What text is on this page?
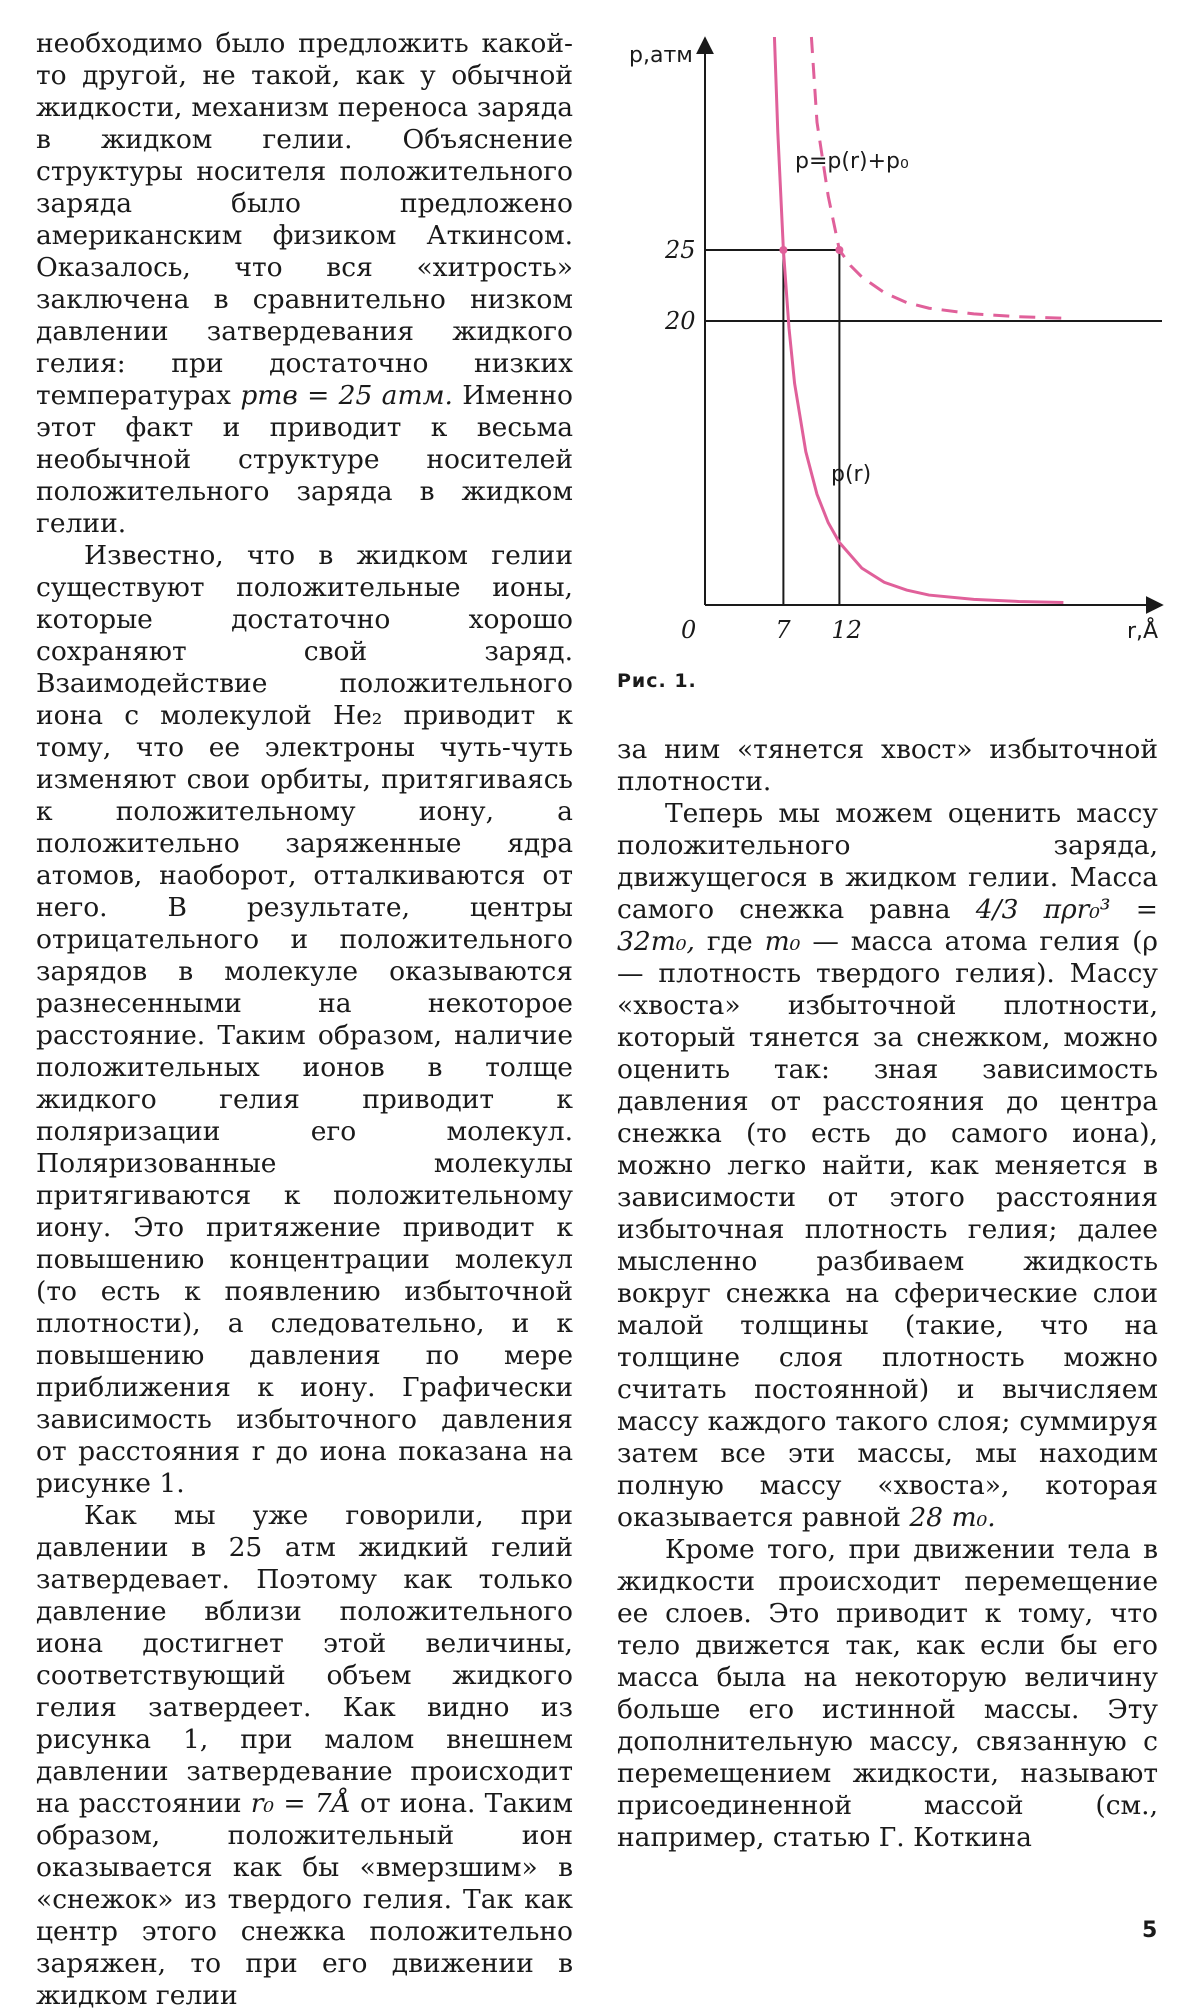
необходимо было предложить какой-то другой, не такой, как у обычной жидкости, механизм переноса заряда в жидком гелии. Объяснение структуры носителя положительного заряда было предложено американским физиком Аткинсом. Оказалось, что вся «хитрость» заключена в сравнительно низком давлении затвердевания жидкого гелия: при достаточно низких температурах pтв = 25 атм. Именно этот факт и приводит к весьма необычной структуре носителей положительного заряда в жидком гелии.

Известно, что в жидком гелии существуют положительные ионы, которые достаточно хорошо сохраняют свой заряд. Взаимодействие положительного иона с молекулой He₂ приводит к тому, что ее электроны чуть-чуть изменяют свои орбиты, притягиваясь к положительному иону, а положительно заряженные ядра атомов, наоборот, отталкиваются от него. В результате, центры отрицательного и положительного зарядов в молекуле оказываются разнесенными на некоторое расстояние. Таким образом, наличие положительных ионов в толще жидкого гелия приводит к поляризации его молекул. Поляризованные молекулы притягиваются к положительному иону. Это притяжение приводит к повышению концентрации молекул (то есть к появлению избыточной плотности), а следовательно, и к повышению давления по мере приближения к иону. Графически зависимость избыточного давления от расстояния r до иона показана на рисунке 1.

Как мы уже говорили, при давлении в 25 атм жидкий гелий затвердевает. Поэтому как только давление вблизи положительного иона достигнет этой величины, соответствующий объем жидкого гелия затвердеет. Как видно из рисунка 1, при малом внешнем давлении затвердевание происходит на расстоянии r₀ = 7Å от иона. Таким образом, положительный ион оказывается как бы «вмерзшим» в «снежок» из твердого гелия. Так как центр этого снежка положительно заряжен, то при его движении в жидком гелии

p,атм
r,Å
0
20
25
7 12
p=p(r)+p₀
p(r)
Рис. 1.

за ним «тянется хвост» избыточной плотности.

Теперь мы можем оценить массу положительного заряда, движущегося в жидком гелии. Масса самого снежка равна 4/3 πρr₀³ = 32m₀, где m₀ — масса атома гелия (ρ — плотность твердого гелия). Массу «хвоста» избыточной плотности, который тянется за снежком, можно оценить так: зная зависимость давления от расстояния до центра снежка (то есть до самого иона), можно легко найти, как меняется в зависимости от этого расстояния избыточная плотность гелия; далее мысленно разбиваем жидкость вокруг снежка на сферические слои малой толщины (такие, что на толщине слоя плотность можно считать постоянной) и вычисляем массу каждого такого слоя; суммируя затем все эти массы, мы находим полную массу «хвоста», которая оказывается равной 28 m₀.

Кроме того, при движении тела в жидкости происходит перемещение ее слоев. Это приводит к тому, что тело движется так, как если бы его масса была на некоторую величину больше его истинной массы. Эту дополнительную массу, связанную с перемещением жидкости, называют присоединенной массой (см., например, статью Г. Коткина

5
